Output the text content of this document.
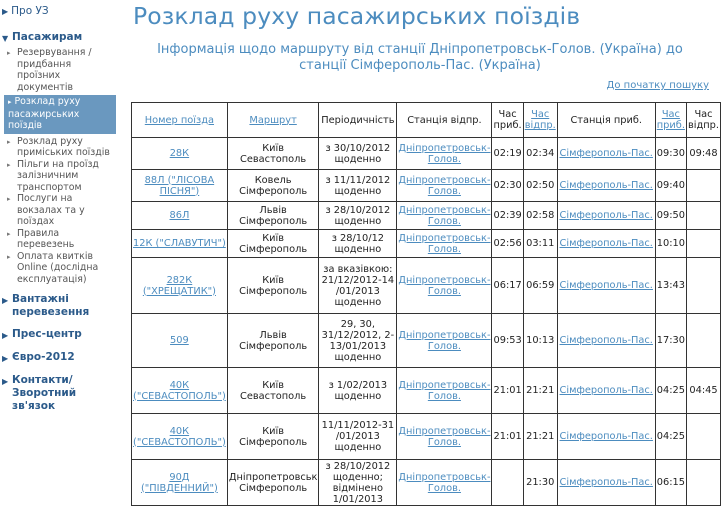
▶ Про УЗ
▼ Пасажирам
▸ Резервування / придбання проїзних документів
▸ Розклад руху пасажирських поїздів
▸ Розклад руху приміських поїздів
▸ Пільги на проїзд залізничним транспортом
▸ Послуги на вокзалах та у поїздах
▸ Правила перевезень
▸ Оплата квитків Online (дослідна експлуатація)
▶ Вантажні перевезення
▶ Прес-центр
▶ Євро-2012
▶ Контакти/Зворотний зв'язок
Розклад руху пасажирських поїздів
Інформація щодо маршруту від станції Дніпропетровськ-Голов. (Україна) до станції Сімферополь-Пас. (Україна)
До початку пошуку
Номер поїзда	Маршрут	Періодичність	Станція відпр.	Час приб.	Час відпр.	Станція приб.	Час приб.	Час відпр.
28К	Київ Севастополь	з 30/10/2012 щоденно	Дніпропетровськ-Голов.	02:19	02:34	Сімферополь-Пас.	09:30	09:48
88Л ("ЛІСОВА ПІСНЯ")	Ковель Сімферополь	з 11/11/2012 щоденно	Дніпропетровськ-Голов.	02:30	02:50	Сімферополь-Пас.	09:40	
86Л	Львів Сімферополь	з 28/10/2012 щоденно	Дніпропетровськ-Голов.	02:39	02:58	Сімферополь-Пас.	09:50	
12К ("СЛАВУТИЧ")	Київ Сімферополь	з 28/10/12 щоденно	Дніпропетровськ-Голов.	02:56	03:11	Сімферополь-Пас.	10:10	
282К ("ХРЕЩАТИК")	Київ Сімферополь	за вказівкою: 21/12/2012-14 /01/2013 щоденно	Дніпропетровськ-Голов.	06:17	06:59	Сімферополь-Пас.	13:43	
509	Львів Сімферополь	29, 30, 31/12/2012, 2-13/01/2013 щоденно	Дніпропетровськ-Голов.	09:53	10:13	Сімферополь-Пас.	17:30	
40К ("СЕВАСТОПОЛЬ")	Київ Севастополь	з 1/02/2013 щоденно	Дніпропетровськ-Голов.	21:01	21:21	Сімферополь-Пас.	04:25	04:45
40К ("СЕВАСТОПОЛЬ")	Київ Сімферополь	11/11/2012-31 /01/2013 щоденно	Дніпропетровськ-Голов.	21:01	21:21	Сімферополь-Пас.	04:25	
90Д ("ПІВДЕННИЙ")	Дніпропетровськ Сімферополь	з 28/10/2012 щоденно; відмінено 1/01/2013	Дніпропетровськ-Голов.		21:30	Сімферополь-Пас.	06:15	
